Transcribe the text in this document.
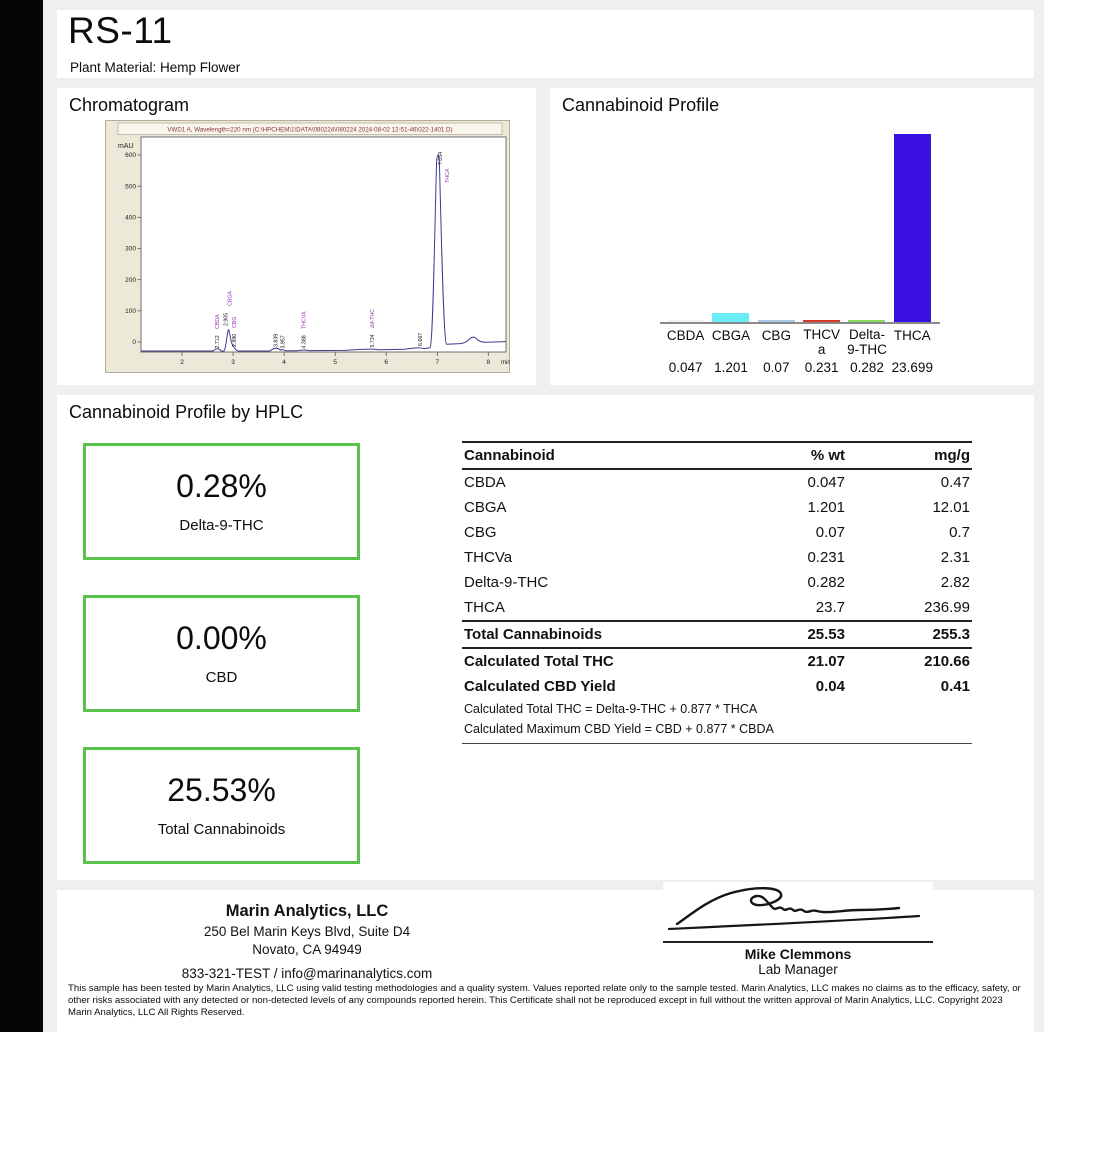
RS-11
Plant Material: Hemp Flower
Chromatogram
VWD1 A, Wavelength=220 nm (C:\HPCHEM\1\DATA\080224\080224 2024-08-02 12-51-46\022-1401.D)
mAU
600
500
400
300
200
100
0
2	3	4	5	6	7	8 min
2.712
2.905
2.990	3.839 3.957	4.388	5.724	6.667
7.054
CBDA
CBGA
CBG	THCVA	Δ9-THC
THCA
Cannabinoid Profile
CBDA CBGA CBG THCVa
Delta-9-THC
THCA
0.047 1.201	0.07	0.231 0.282 23.699
Cannabinoid Profile by HPLC
0.28%
Delta-9-THC
0.00%
CBD
25.53%
Total Cannabinoids
Cannabinoid	% wt	mg/g
CBDA	0.047	0.47
CBGA	1.201	12.01
CBG	0.07	0.7
THCVa	0.231	2.31
Delta-9-THC	0.282	2.82
THCA	23.7	236.99
Total Cannabinoids	25.53	255.3
Calculated Total THC	21.07	210.66
Calculated CBD Yield	0.04	0.41
Calculated Total THC = Delta-9-THC + 0.877 * THCA		
Calculated Maximum CBD Yield = CBD + 0.877 * CBDA		

Marin Analytics, LLC
250 Bel Marin Keys Blvd, Suite D4
Novato, CA 94949
833-321-TEST / info@marinanalytics.com
Mike Clemmons
Lab Manager
This sample has been tested by Marin Analytics, LLC using valid testing methodologies and a quality system. Values reported relate only to the sample tested. Marin Analytics, LLC makes no claims as to the efficacy, safety, or other risks associated with any detected or non-detected levels of any compounds reported herein. This Certificate shall not be reproduced except in full without the written approval of Marin Analytics, LLC. Copyright 2023 Marin Analytics, LLC All Rights Reserved.
